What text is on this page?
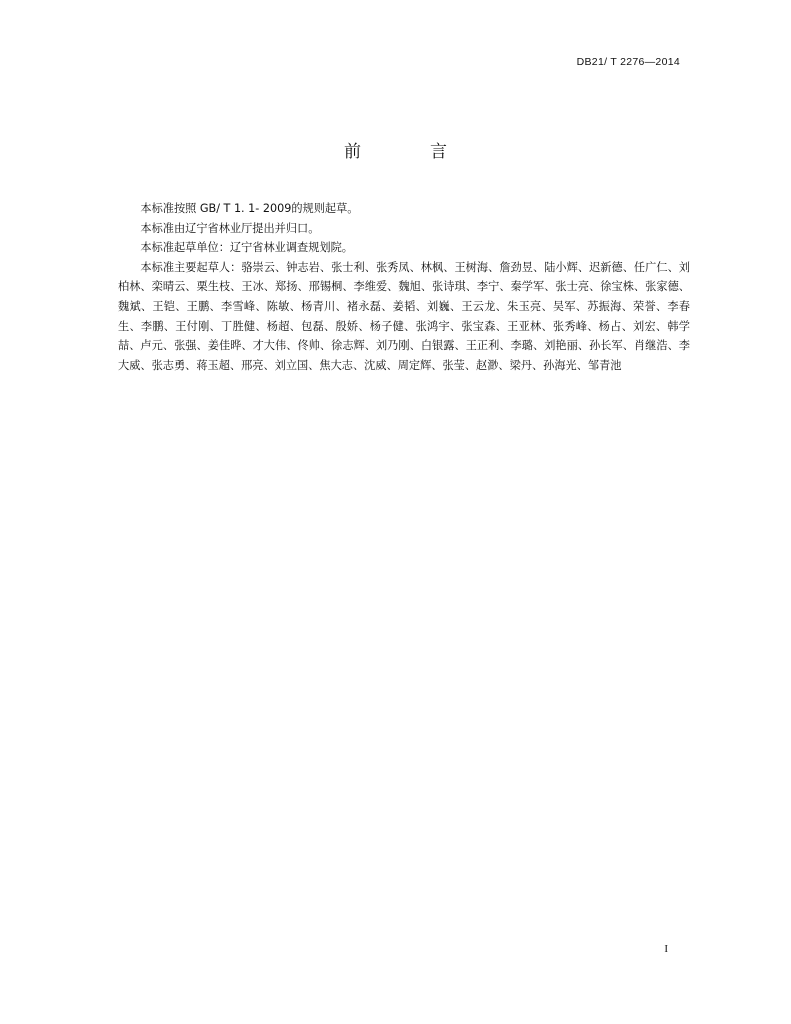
DB21/ T 2276—2014
前　言

本标准按照 GB/ T 1. 1- 2009的规则起草。

本标准由辽宁省林业厅提出并归口。

本标准起草单位：辽宁省林业调查规划院。

本标准主要起草人：骆崇云、钟志岩、张士利、张秀凤、林枫、王树海、詹劲昱、陆小辉、迟新德、任广仁、刘柏林、栾晴云、栗生枝、王冰、郑扬、邢锡桐、李维爱、魏旭、张诗琪、李宁、秦学军、张士亮、徐宝株、张家德、魏斌、王铠、王鹏、李雪峰、陈敏、杨青川、褚永磊、姜韬、刘巍、王云龙、朱玉亮、吴军、苏振海、荣誉、李春生、李鹏、王付刚、丁胜健、杨超、包磊、殷娇、杨子健、张鸿宇、张宝森、王亚林、张秀峰、杨占、刘宏、韩学喆、卢元、张强、姜佳晔、才大伟、佟帅、徐志辉、刘乃刚、白银露、王正利、李璐、刘艳丽、孙长军、肖继浩、李大威、张志勇、蒋玉超、邢亮、刘立国、焦大志、沈威、周定辉、张莹、赵渺、梁丹、孙海光、邹青池

I
